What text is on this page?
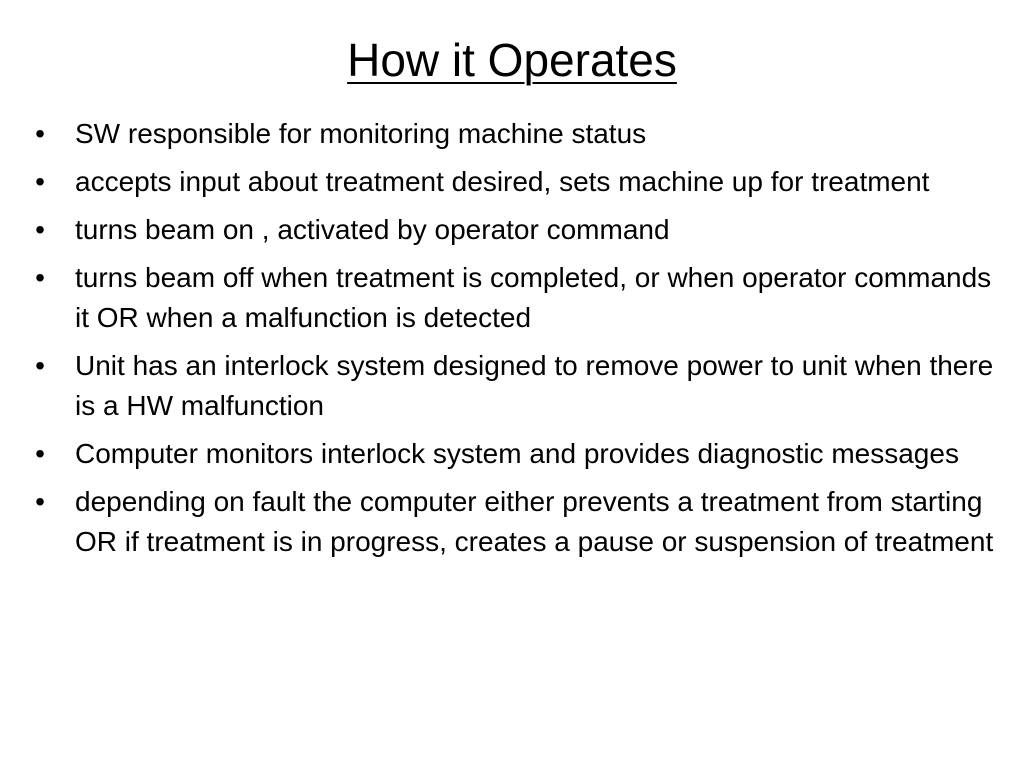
How it Operates
• SW responsible for monitoring machine status
• accepts input about treatment desired, sets machine up for treatment
• turns beam on , activated by operator command
• turns beam off when treatment is completed, or when operator commands it OR when a malfunction is detected
• Unit has an interlock system designed to remove power to unit when there is a HW malfunction
• Computer monitors interlock system and provides diagnostic messages
• depending on fault the computer either prevents a treatment from starting OR if treatment is in progress, creates a pause or suspension of treatment
